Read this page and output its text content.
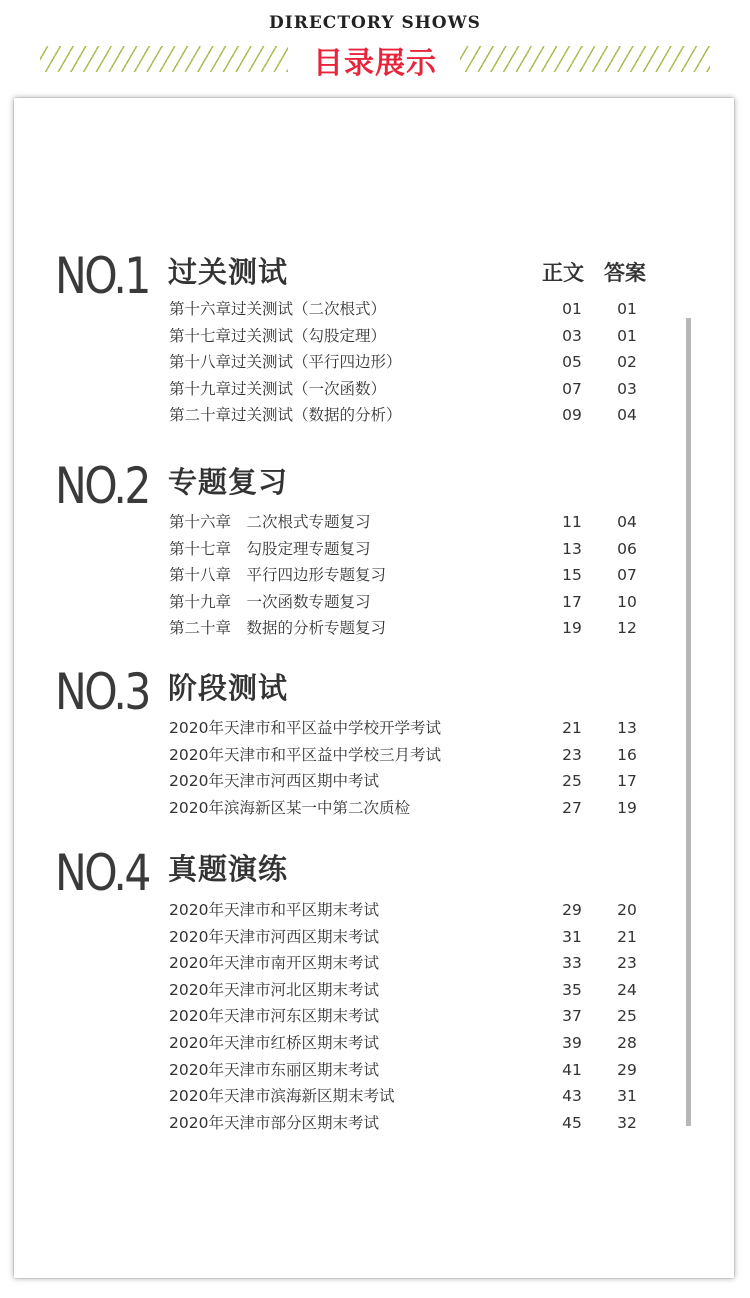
DIRECTORY SHOWS
目录展示
正文 答案
NO.1 过关测试
第十六章过关测试（二次根式）	01	01
第十七章过关测试（勾股定理）	03	01
第十八章过关测试（平行四边形）	05	02
第十九章过关测试（一次函数）	07	03
第二十章过关测试（数据的分析）	09	04
NO.2 专题复习
第十六章　二次根式专题复习	11	04
第十七章　勾股定理专题复习	13	06
第十八章　平行四边形专题复习	15	07
第十九章　一次函数专题复习	17	10
第二十章　数据的分析专题复习	19	12
NO.3 阶段测试
2020年天津市和平区益中学校开学考试	21	13
2020年天津市和平区益中学校三月考试	23	16
2020年天津市河西区期中考试	25	17
2020年滨海新区某一中第二次质检	27	19
NO.4 真题演练
2020年天津市和平区期末考试	29	20
2020年天津市河西区期末考试	31	21
2020年天津市南开区期末考试	33	23
2020年天津市河北区期末考试	35	24
2020年天津市河东区期末考试	37	25
2020年天津市红桥区期末考试	39	28
2020年天津市东丽区期末考试	41	29
2020年天津市滨海新区期末考试	43	31
2020年天津市部分区期末考试	45	32
